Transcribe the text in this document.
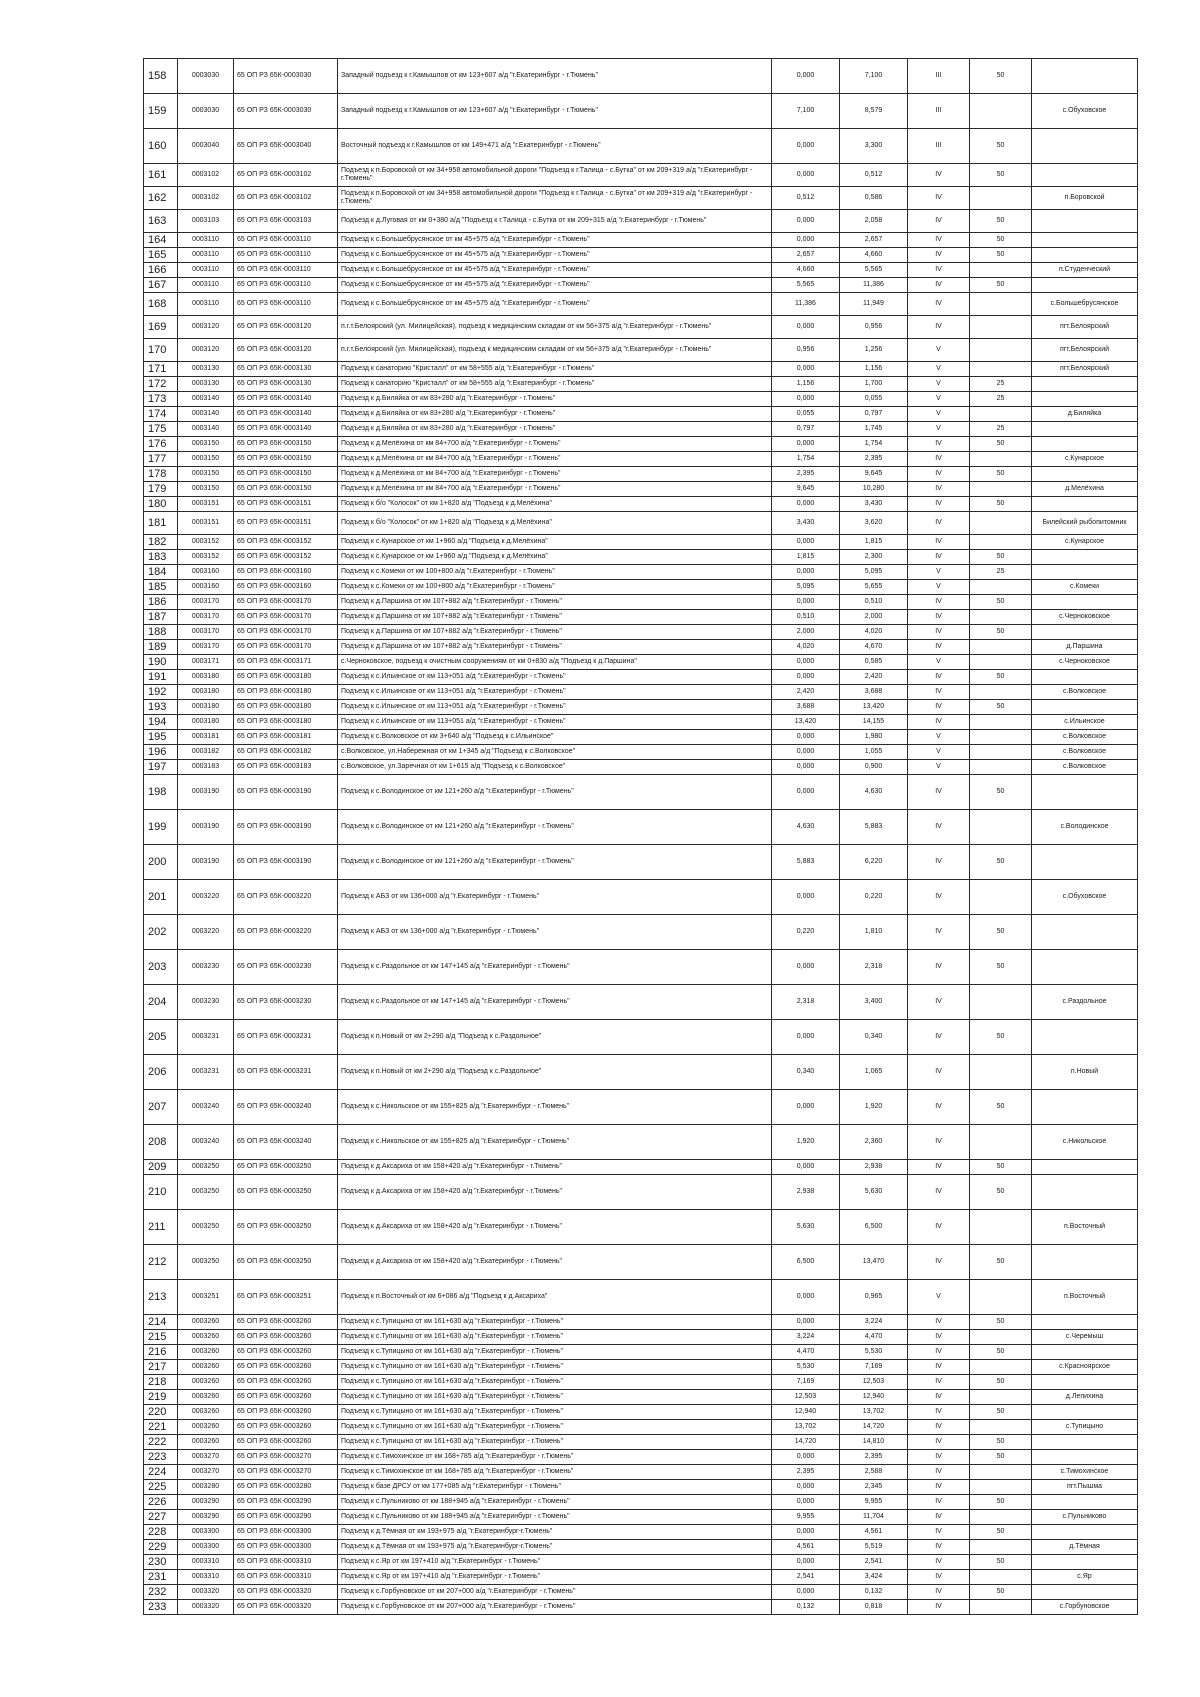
158	0003030	65 ОП РЗ 65К-0003030	Западный подъезд к г.Камышлов от км 123+607 а/д "г.Екатеринбург - г.Тюмень"	0,000	7,100	III	50	
159	0003030	65 ОП РЗ 65К-0003030	Западный подъезд к г.Камышлов от км 123+607 а/д "г.Екатеринбург - г.Тюмень"	7,100	8,579	III		с.Обуховское
160	0003040	65 ОП РЗ 65К-0003040	Восточный подъезд к г.Камышлов от км 149+471 а/д "г.Екатеринбург - г.Тюмень"	0,000	3,300	III	50	
161	0003102	65 ОП РЗ 65К-0003102	Подъезд к п.Боровской от км 34+958 автомобильной дороги "Подъезд к г.Талица - с.Бутка" от км 209+319 а/д "г.Екатеринбург - г.Тюмень"	0,000	0,512	IV	50	
162	0003102	65 ОП РЗ 65К-0003102	Подъезд к п.Боровской от км 34+958 автомобильной дороги "Подъезд к г.Талица - с.Бутка" от км 209+319 а/д "г.Екатеринбург - г.Тюмень"	0,512	0,586	IV		п.Боровской
163	0003103	65 ОП РЗ 65К-0003103	Подъезд к д.Луговая от км 0+380 а/д "Подъезд к г.Талица - с.Бутка от км 209+315 а/д "г.Екатеринбург - г.Тюмень"	0,000	2,058	IV	50	
164	0003110	65 ОП РЗ 65К-0003110	Подъезд к с.Большебрусянское от км 45+575 а/д "г.Екатеринбург - г.Тюмень"	0,000	2,657	IV	50	
165	0003110	65 ОП РЗ 65К-0003110	Подъезд к с.Большебрусянское от км 45+575 а/д "г.Екатеринбург - г.Тюмень"	2,657	4,660	IV	50	
166	0003110	65 ОП РЗ 65К-0003110	Подъезд к с.Большебрусянское от км 45+575 а/д "г.Екатеринбург - г.Тюмень"	4,660	5,565	IV		п.Студенческий
167	0003110	65 ОП РЗ 65К-0003110	Подъезд к с.Большебрусянское от км 45+575 а/д "г.Екатеринбург - г.Тюмень"	5,565	11,386	IV	50	
168	0003110	65 ОП РЗ 65К-0003110	Подъезд к с.Большебрусянское от км 45+575 а/д "г.Екатеринбург - г.Тюмень"	11,386	11,949	IV		с.Большебрусянское
169	0003120	65 ОП РЗ 65К-0003120	п.г.т.Белоярский (ул. Милицейская), подъезд к медицинским складам от км 56+375 а/д "г.Екатеринбург - г.Тюмень"	0,000	0,956	IV		пгт.Белоярский
170	0003120	65 ОП РЗ 65К-0003120	п.г.т.Белоярский (ул. Милицейская), подъезд к медицинским складам от км 56+375 а/д "г.Екатеринбург - г.Тюмень"	0,956	1,256	V		пгт.Белоярский
171	0003130	65 ОП РЗ 65К-0003130	Подъезд к санаторию "Кристалл" от км 58+555 а/д "г.Екатеринбург - г.Тюмень"	0,000	1,156	V		пгт.Белоярский
172	0003130	65 ОП РЗ 65К-0003130	Подъезд к санаторию "Кристалл" от км 58+555 а/д "г.Екатеринбург - г.Тюмень"	1,156	1,700	V	25	
173	0003140	65 ОП РЗ 65К-0003140	Подъезд к д.Биляйка от км 83+280 а/д "г.Екатеринбург - г.Тюмень"	0,000	0,055	V	25	
174	0003140	65 ОП РЗ 65К-0003140	Подъезд к д.Биляйка от км 83+280 а/д "г.Екатеринбург - г.Тюмень"	0,055	0,797	V		д.Биляйка
175	0003140	65 ОП РЗ 65К-0003140	Подъезд к д.Биляйка от км 83+280 а/д "г.Екатеринбург - г.Тюмень"	0,797	1,745	V	25	
176	0003150	65 ОП РЗ 65К-0003150	Подъезд к д.Мелёхина от км 84+700 а/д "г.Екатеринбург - г.Тюмень"	0,000	1,754	IV	50	
177	0003150	65 ОП РЗ 65К-0003150	Подъезд к д.Мелёхина от км 84+700 а/д "г.Екатеринбург - г.Тюмень"	1,754	2,395	IV		с.Кунарское
178	0003150	65 ОП РЗ 65К-0003150	Подъезд к д.Мелёхина от км 84+700 а/д "г.Екатеринбург - г.Тюмень"	2,395	9,645	IV	50	
179	0003150	65 ОП РЗ 65К-0003150	Подъезд к д.Мелёхина от км 84+700 а/д "г.Екатеринбург - г.Тюмень"	9,645	10,280	IV		д.Мелёхина
180	0003151	65 ОП РЗ 65К-0003151	Подъезд к б/о "Колосок" от км 1+820 а/д "Подъезд к д.Мелёхина"	0,000	3,430	IV	50	
181	0003151	65 ОП РЗ 65К-0003151	Подъезд к б/о "Колосок" от км 1+820 а/д "Подъезд к д.Мелёхина"	3,430	3,620	IV		Билейский рыбопитомник
182	0003152	65 ОП РЗ 65К-0003152	Подъезд к с.Кунарское от км 1+960 а/д "Подъезд к д.Мелёхина"	0,000	1,815	IV		с.Кунарское
183	0003152	65 ОП РЗ 65К-0003152	Подъезд к с.Кунарское от км 1+960 а/д "Подъезд к д.Мелёхина"	1,815	2,300	IV	50	
184	0003160	65 ОП РЗ 65К-0003160	Подъезд к с.Комеки от км 100+800 а/д "г.Екатеринбург - г.Тюмень"	0,000	5,095	V	25	
185	0003160	65 ОП РЗ 65К-0003160	Подъезд к с.Комеки от км 100+800 а/д "г.Екатеринбург - г.Тюмень"	5,095	5,655	V		с.Комеки
186	0003170	65 ОП РЗ 65К-0003170	Подъезд к д.Паршина от км 107+882 а/д "г.Екатеринбург - г.Тюмень"	0,000	0,510	IV	50	
187	0003170	65 ОП РЗ 65К-0003170	Подъезд к д.Паршина от км 107+882 а/д "г.Екатеринбург - г.Тюмень"	0,510	2,000	IV		с.Черноковское
188	0003170	65 ОП РЗ 65К-0003170	Подъезд к д.Паршина от км 107+882 а/д "г.Екатеринбург - г.Тюмень"	2,000	4,020	IV	50	
189	0003170	65 ОП РЗ 65К-0003170	Подъезд к д.Паршина от км 107+882 а/д "г.Екатеринбург - г.Тюмень"	4,020	4,670	IV		д.Паршина
190	0003171	65 ОП РЗ 65К-0003171	с.Черноковское, подъезд к очистным сооружениям от км 0+830 а/д "Подъезд к д.Паршина"	0,000	0,585	V		с.Черноковское
191	0003180	65 ОП РЗ 65К-0003180	Подъезд к с.Ильинское от км 113+051 а/д "г.Екатеринбург - г.Тюмень"	0,000	2,420	IV	50	
192	0003180	65 ОП РЗ 65К-0003180	Подъезд к с.Ильинское от км 113+051 а/д "г.Екатеринбург - г.Тюмень"	2,420	3,688	IV		с.Волковское
193	0003180	65 ОП РЗ 65К-0003180	Подъезд к с.Ильинское от км 113+051 а/д "г.Екатеринбург - г.Тюмень"	3,688	13,420	IV	50	
194	0003180	65 ОП РЗ 65К-0003180	Подъезд к с.Ильинское от км 113+051 а/д "г.Екатеринбург - г.Тюмень"	13,420	14,155	IV		с.Ильинское
195	0003181	65 ОП РЗ 65К-0003181	Подъезд к с.Волковское от км 3+640 а/д "Подъезд к с.Ильинское"	0,000	1,980	V		с.Волковское
196	0003182	65 ОП РЗ 65К-0003182	с.Волковское, ул.Набережная от км 1+345 а/д "Подъезд к с.Волковское"	0,000	1,055	V		с.Волковское
197	0003183	65 ОП РЗ 65К-0003183	с.Волковское, ул.Заречная от км 1+615 а/д "Подъезд к с.Волковское"	0,000	0,900	V		с.Волковское
198	0003190	65 ОП РЗ 65К-0003190	Подъезд к с.Володинское от км 121+260 а/д "г.Екатеринбург - г.Тюмень"	0,000	4,630	IV	50	
199	0003190	65 ОП РЗ 65К-0003190	Подъезд к с.Володинское от км 121+260 а/д "г.Екатеринбург - г.Тюмень"	4,630	5,883	IV		с.Володинское
200	0003190	65 ОП РЗ 65К-0003190	Подъезд к с.Володинское от км 121+260 а/д "г.Екатеринбург - г.Тюмень"	5,883	6,220	IV	50	
201	0003220	65 ОП РЗ 65К-0003220	Подъезд к АБЗ от км 136+000 а/д "г.Екатеринбург - г.Тюмень"	0,000	0,220	IV		с.Обуховское
202	0003220	65 ОП РЗ 65К-0003220	Подъезд к АБЗ от км 136+000 а/д "г.Екатеринбург - г.Тюмень"	0,220	1,810	IV	50	
203	0003230	65 ОП РЗ 65К-0003230	Подъезд к с.Раздольное от км 147+145 а/д "г.Екатеринбург - г.Тюмень"	0,000	2,318	IV	50	
204	0003230	65 ОП РЗ 65К-0003230	Подъезд к с.Раздольное от км 147+145 а/д "г.Екатеринбург - г.Тюмень"	2,318	3,400	IV		с.Раздольное
205	0003231	65 ОП РЗ 65К-0003231	Подъезд к п.Новый от км 2+290 а/д "Подъезд к с.Раздольное"	0,000	0,340	IV	50	
206	0003231	65 ОП РЗ 65К-0003231	Подъезд к п.Новый от км 2+290 а/д "Подъезд к с.Раздольное"	0,340	1,065	IV		п.Новый
207	0003240	65 ОП РЗ 65К-0003240	Подъезд к с.Никольское от км 155+825 а/д "г.Екатеринбург - г.Тюмень"	0,000	1,920	IV	50	
208	0003240	65 ОП РЗ 65К-0003240	Подъезд к с.Никольское от км 155+825 а/д "г.Екатеринбург - г.Тюмень"	1,920	2,360	IV		с.Никольское
209	0003250	65 ОП РЗ 65К-0003250	Подъезд к д.Аксариха от км 158+420 а/д "г.Екатеринбург - г.Тюмень"	0,000	2,938	IV	50	
210	0003250	65 ОП РЗ 65К-0003250	Подъезд к д.Аксариха от км 158+420 а/д "г.Екатеринбург - г.Тюмень"	2,938	5,630	IV	50	
211	0003250	65 ОП РЗ 65К-0003250	Подъезд к д.Аксариха от км 158+420 а/д "г.Екатеринбург - г.Тюмень"	5,630	6,500	IV		п.Восточный
212	0003250	65 ОП РЗ 65К-0003250	Подъезд к д.Аксариха от км 158+420 а/д "г.Екатеринбург - г.Тюмень"	6,500	13,470	IV	50	
213	0003251	65 ОП РЗ 65К-0003251	Подъезд к п.Восточный от км 6+086 а/д "Подъезд к д.Аксариха"	0,000	0,965	V		п.Восточный
214	0003260	65 ОП РЗ 65К-0003260	Подъезд к с.Тупицыно от км 161+630 а/д "г.Екатеринбург - г.Тюмень"	0,000	3,224	IV	50	
215	0003260	65 ОП РЗ 65К-0003260	Подъезд к с.Тупицыно от км 161+630 а/д "г.Екатеринбург - г.Тюмень"	3,224	4,470	IV		с.Черемыш
216	0003260	65 ОП РЗ 65К-0003260	Подъезд к с.Тупицыно от км 161+630 а/д "г.Екатеринбург - г.Тюмень"	4,470	5,530	IV	50	
217	0003260	65 ОП РЗ 65К-0003260	Подъезд к с.Тупицыно от км 161+630 а/д "г.Екатеринбург - г.Тюмень"	5,530	7,169	IV		с.Красноярское
218	0003260	65 ОП РЗ 65К-0003260	Подъезд к с.Тупицыно от км 161+630 а/д "г.Екатеринбург - г.Тюмень"	7,169	12,503	IV	50	
219	0003260	65 ОП РЗ 65К-0003260	Подъезд к с.Тупицыно от км 161+630 а/д "г.Екатеринбург - г.Тюмень"	12,503	12,940	IV		д.Лепихина
220	0003260	65 ОП РЗ 65К-0003260	Подъезд к с.Тупицыно от км 161+630 а/д "г.Екатеринбург - г.Тюмень"	12,940	13,702	IV	50	
221	0003260	65 ОП РЗ 65К-0003260	Подъезд к с.Тупицыно от км 161+630 а/д "г.Екатеринбург - г.Тюмень"	13,702	14,720	IV		с.Тупицыно
222	0003260	65 ОП РЗ 65К-0003260	Подъезд к с.Тупицыно от км 161+630 а/д "г.Екатеринбург - г.Тюмень"	14,720	14,810	IV	50	
223	0003270	65 ОП РЗ 65К-0003270	Подъезд к с.Тимохинское от км 168+785 а/д "г.Екатеринбург - г.Тюмень"	0,000	2,395	IV	50	
224	0003270	65 ОП РЗ 65К-0003270	Подъезд к с.Тимохинское от км 168+785 а/д "г.Екатеринбург - г.Тюмень"	2,395	2,588	IV		с.Тимохинское
225	0003280	65 ОП РЗ 65К-0003280	Подъезд к базе ДРСУ от км 177+085 а/д "г.Екатеринбург - г.Тюмень"	0,000	2,345	IV		пгт.Пышма
226	0003290	65 ОП РЗ 65К-0003290	Подъезд к с.Пульниково от км 188+945 а/д "г.Екатеринбург - г.Тюмень"	0,000	9,955	IV	50	
227	0003290	65 ОП РЗ 65К-0003290	Подъезд к с.Пульниково от км 188+945 а/д "г.Екатеринбург - г.Тюмень"	9,955	11,704	IV		с.Пульниково
228	0003300	65 ОП РЗ 65К-0003300	Подъезд к д.Тёмная от км 193+975 а/д "г.Екатеринбург-г.Тюмень"	0,000	4,561	IV	50	
229	0003300	65 ОП РЗ 65К-0003300	Подъезд к д.Тёмная от км 193+975 а/д "г.Екатеринбург-г.Тюмень"	4,561	5,519	IV		д.Тёмная
230	0003310	65 ОП РЗ 65К-0003310	Подъезд к с.Яр от км 197+410 а/д "г.Екатеринбург - г.Тюмень"	0,000	2,541	IV	50	
231	0003310	65 ОП РЗ 65К-0003310	Подъезд к с.Яр от км 197+410 а/д "г.Екатеринбург - г.Тюмень"	2,541	3,424	IV		с.Яр
232	0003320	65 ОП РЗ 65К-0003320	Подъезд к с.Горбуновское от км 207+000 а/д "г.Екатеринбург - г.Тюмень"	0,000	0,132	IV	50	
233	0003320	65 ОП РЗ 65К-0003320	Подъезд к с.Горбуновское от км 207+000 а/д "г.Екатеринбург - г.Тюмень"	0,132	0,818	IV		с.Горбуновское
